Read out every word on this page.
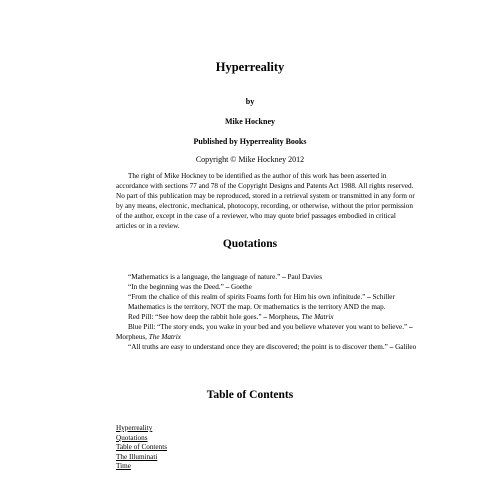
Hyperreality
by
Mike Hockney
Published by Hyperreality Books
Copyright © Mike Hockney 2012
The right of Mike Hockney to be identified as the author of this work has been asserted in accordance with sections 77 and 78 of the Copyright Designs and Patents Act 1988. All rights reserved. No part of this publication may be reproduced, stored in a retrieval system or transmitted in any form or by any means, electronic, mechanical, photocopy, recording, or otherwise, without the prior permission of the author, except in the case of a reviewer, who may quote brief passages embodied in critical articles or in a review.
Quotations

“Mathematics is a language, the language of nature.” – Paul Davies

“In the beginning was the Deed.” – Goethe

“From the chalice of this realm of spirits Foams forth for Him his own infinitude.” – Schiller

Mathematics is the territory, NOT the map. Or mathematics is the territory AND the map.

Red Pill: “See how deep the rabbit hole goes.” – Morpheus, The Matrix

Blue Pill: “The story ends, you wake in your bed and you believe whatever you want to believe.” – Morpheus, The Matrix

“All truths are easy to understand once they are discovered; the point is to discover them.” – Galileo

Table of Contents
Hyperreality
Quotations
Table of Contents
The Illuminati
Time
